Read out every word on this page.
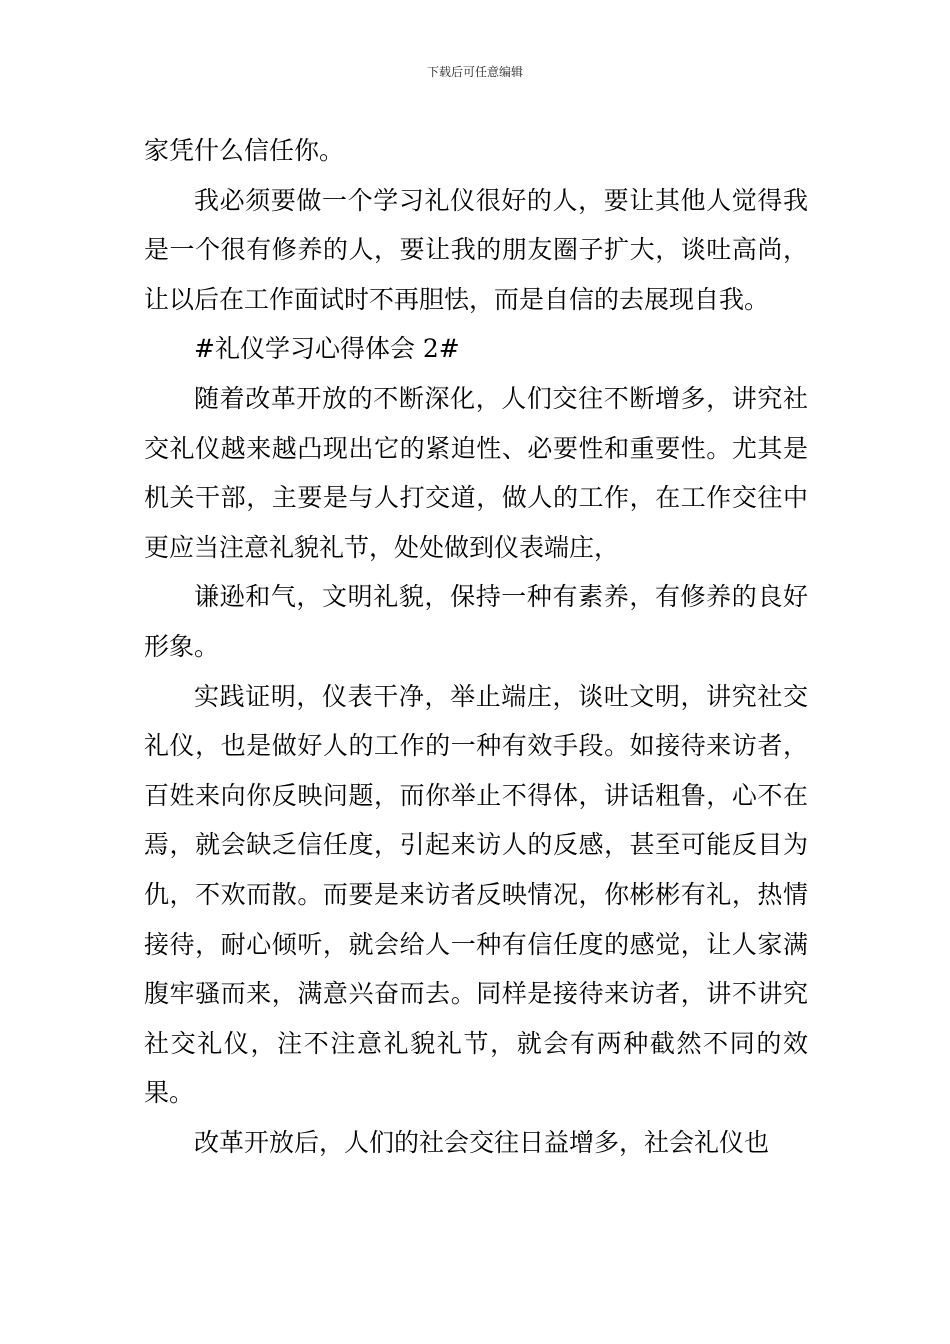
下载后可任意编辑

家凭什么信任你。

我必须要做一个学习礼仪很好的人，要让其他人觉得我是一个很有修养的人，要让我的朋友圈子扩大，谈吐高尚，让以后在工作面试时不再胆怯，而是自信的去展现自我。

#礼仪学习心得体会 2#

随着改革开放的不断深化，人们交往不断增多，讲究社交礼仪越来越凸现出它的紧迫性、必要性和重要性。尤其是机关干部，主要是与人打交道，做人的工作，在工作交往中更应当注意礼貌礼节，处处做到仪表端庄，

谦逊和气，文明礼貌，保持一种有素养，有修养的良好形象。

实践证明，仪表干净，举止端庄，谈吐文明，讲究社交礼仪，也是做好人的工作的一种有效手段。如接待来访者，百姓来向你反映问题，而你举止不得体，讲话粗鲁，心不在焉，就会缺乏信任度，引起来访人的反感，甚至可能反目为仇，不欢而散。而要是来访者反映情况，你彬彬有礼，热情接待，耐心倾听，就会给人一种有信任度的感觉，让人家满腹牢骚而来，满意兴奋而去。同样是接待来访者，讲不讲究社交礼仪，注不注意礼貌礼节，就会有两种截然不同的效果。

改革开放后，人们的社会交往日益增多，社会礼仪也
